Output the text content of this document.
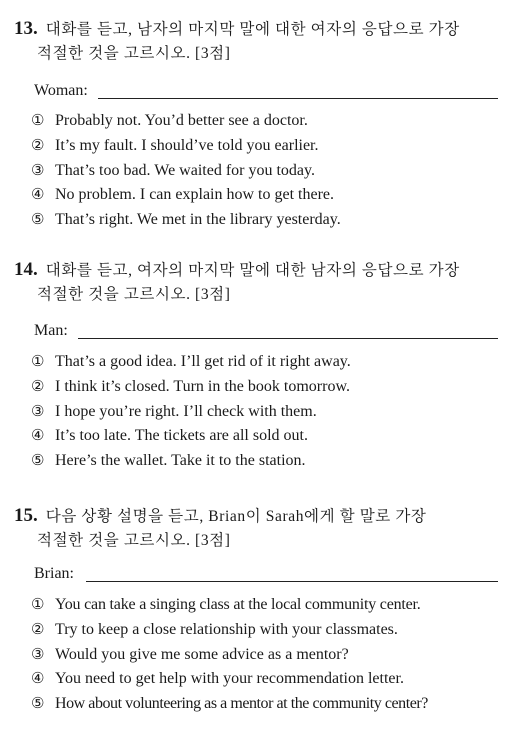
13. 대화를 듣고, 남자의 마지막 말에 대한 여자의 응답으로 가장
적절한 것을 고르시오. [3점]
Woman:
① Probably not. You’d better see a doctor.
② It’s my fault. I should’ve told you earlier.
③ That’s too bad. We waited for you today.
④ No problem. I can explain how to get there.
⑤ That’s right. We met in the library yesterday.
14. 대화를 듣고, 여자의 마지막 말에 대한 남자의 응답으로 가장
적절한 것을 고르시오. [3점]
Man:
① That’s a good idea. I’ll get rid of it right away.
② I think it’s closed. Turn in the book tomorrow.
③ I hope you’re right. I’ll check with them.
④ It’s too late. The tickets are all sold out.
⑤ Here’s the wallet. Take it to the station.
15. 다음 상황 설명을 듣고, Brian이 Sarah에게 할 말로 가장
적절한 것을 고르시오. [3점]
Brian:
① You can take a singing class at the local community center.
② Try to keep a close relationship with your classmates.
③ Would you give me some advice as a mentor?
④ You need to get help with your recommendation letter.
⑤ How about volunteering as a mentor at the community center?
